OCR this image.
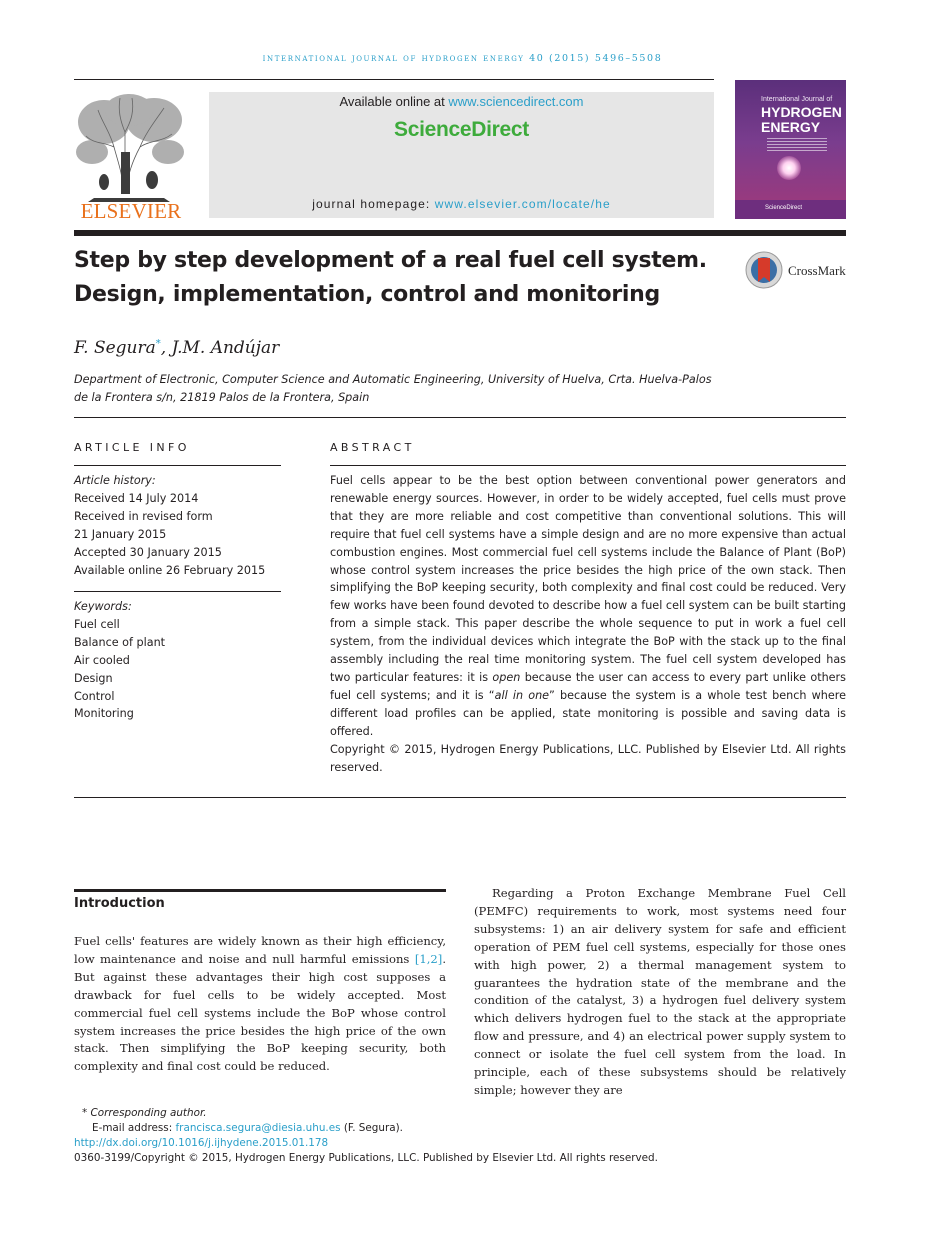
international journal of hydrogen energy 40 (2015) 5496–5508
ELSEVIER
Available online at www.sciencedirect.com
ScienceDirect
journal homepage: www.elsevier.com/locate/he
International Journal of
HYDROGEN
ENERGY
ScienceDirect
Step by step development of a real fuel cell system.
Design, implementation, control and monitoring
CrossMark
F. Segura*, J.M. Andújar
Department of Electronic, Computer Science and Automatic Engineering, University of Huelva, Crta. Huelva-Palos
de la Frontera s/n, 21819 Palos de la Frontera, Spain
ARTICLE INFO	ABSTRACT
Article history:
Received 14 July 2014
Received in revised form
21 January 2015
Accepted 30 January 2015
Available online 26 February 2015
Keywords:
Fuel cell
Balance of plant
Air cooled
Design
Control
Monitoring

Fuel cells appear to be the best option between conventional power generators and renewable energy sources. However, in order to be widely accepted, fuel cells must prove that they are more reliable and cost competitive than conventional solutions. This will require that fuel cell systems have a simple design and are no more expensive than actual combustion engines. Most commercial fuel cell systems include the Balance of Plant (BoP) whose control system increases the price besides the high price of the own stack. Then simplifying the BoP keeping security, both complexity and final cost could be reduced. Very few works have been found devoted to describe how a fuel cell system can be built starting from a simple stack. This paper describe the whole sequence to put in work a fuel cell system, from the individual devices which integrate the BoP with the stack up to the final assembly including the real time monitoring system. The fuel cell system developed has two particular features: it is open because the user can access to every part unlike others fuel cell systems; and it is “all in one” because the system is a whole test bench where different load profiles can be applied, state monitoring is possible and saving data is offered.

Copyright © 2015, Hydrogen Energy Publications, LLC. Published by Elsevier Ltd. All rights reserved.

Introduction
Fuel cells' features are widely known as their high efficiency, low maintenance and noise and null harmful emissions [1,2]. But against these advantages their high cost supposes a drawback for fuel cells to be widely accepted. Most commercial fuel cell systems include the BoP whose control system increases the price besides the high price of the own stack. Then simplifying the BoP keeping security, both complexity and final cost could be reduced.
Regarding a Proton Exchange Membrane Fuel Cell (PEMFC) requirements to work, most systems need four subsystems: 1) an air delivery system for safe and efficient operation of PEM fuel cell systems, especially for those ones with high power, 2) a thermal management system to guarantees the hydration state of the membrane and the condition of the catalyst, 3) a hydrogen fuel delivery system which delivers hydrogen fuel to the stack at the appropriate flow and pressure, and 4) an electrical power supply system to connect or isolate the fuel cell system from the load. In principle, each of these subsystems should be relatively simple; however they are
* Corresponding author.
E-mail address: francisca.segura@diesia.uhu.es (F. Segura).
http://dx.doi.org/10.1016/j.ijhydene.2015.01.178
0360-3199/Copyright © 2015, Hydrogen Energy Publications, LLC. Published by Elsevier Ltd. All rights reserved.
